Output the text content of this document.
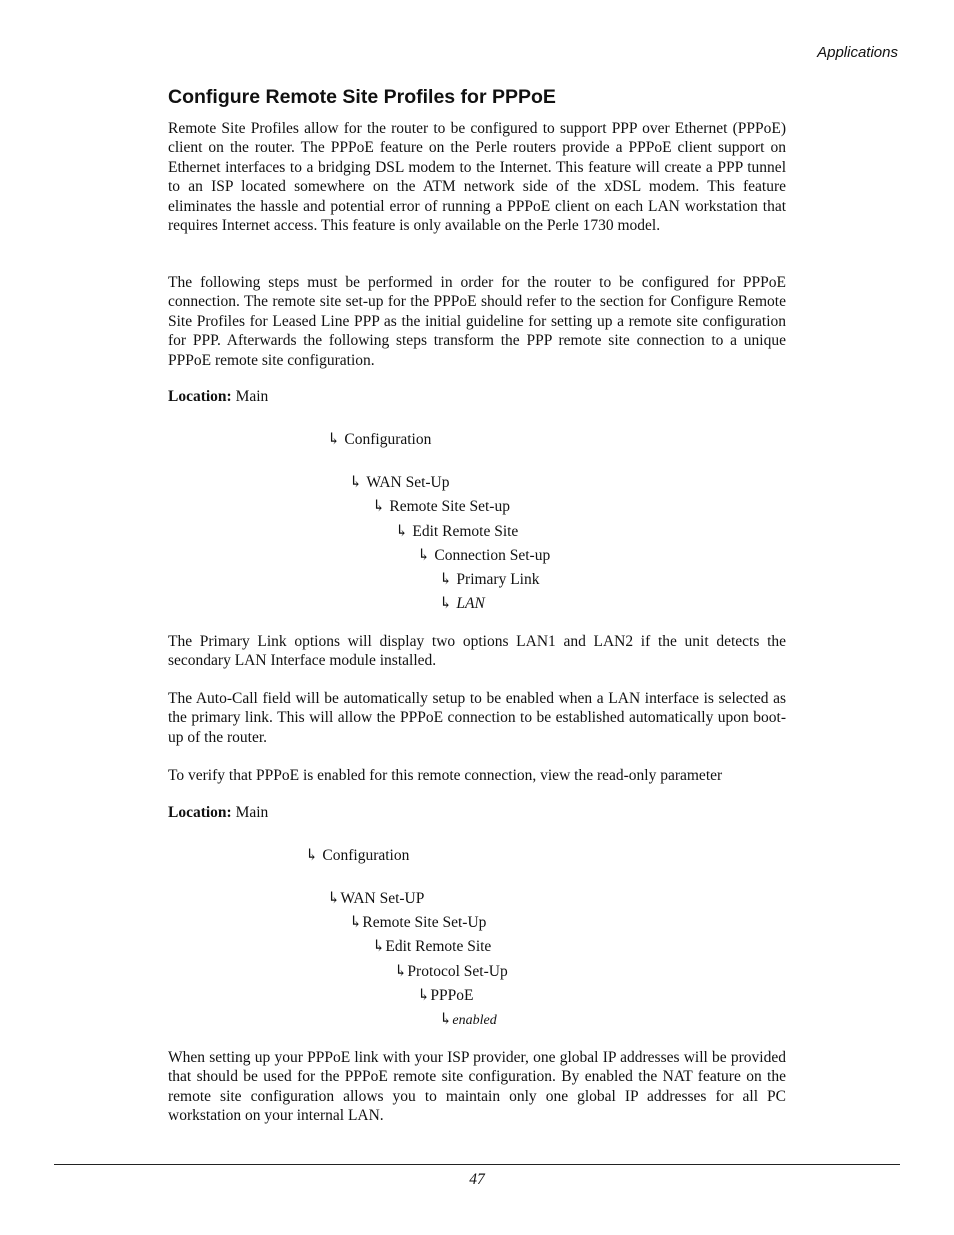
Applications
Configure Remote Site Profiles for PPPoE

Remote Site Profiles allow for the router to be configured to support PPP over Ethernet (PPPoE) client on the router. The PPPoE feature on the Perle routers provide a PPPoE client support on Ethernet interfaces to a bridging DSL modem to the Internet. This feature will create a PPP tunnel to an ISP located somewhere on the ATM network side of the xDSL modem. This feature eliminates the hassle and potential error of running a PPPoE client on each LAN workstation that requires Internet access. This feature is only available on the Perle 1730 model.

The following steps must be performed in order for the router to be configured for PPPoE connection. The remote site set-up for the PPPoE should refer to the section for Configure Remote Site Profiles for Leased Line PPP as the initial guideline for setting up a remote site configuration for PPP. Afterwards the following steps transform the PPP remote site connection to a unique PPPoE remote site configuration.

Location: Main

↳ Configuration
↳ WAN Set-Up
↳ Remote Site Set-up
↳ Edit Remote Site
↳ Connection Set-up
↳ Primary Link
↳ LAN

The Primary Link options will display two options LAN1 and LAN2 if the unit detects the secondary LAN Interface module installed.

The Auto-Call field will be automatically setup to be enabled when a LAN interface is selected as the primary link. This will allow the PPPoE connection to be established automatically upon boot-up of the router.

To verify that PPPoE is enabled for this remote connection, view the read-only parameter

Location: Main

↳ Configuration
↳WAN Set-UP
↳Remote Site Set-Up
↳Edit Remote Site
↳Protocol Set-Up
↳PPPoE
↳enabled

When setting up your PPPoE link with your ISP provider, one global IP addresses will be provided that should be used for the PPPoE remote site configuration. By enabled the NAT feature on the remote site configuration allows you to maintain only one global IP addresses for all PC workstation on your internal LAN.

47
